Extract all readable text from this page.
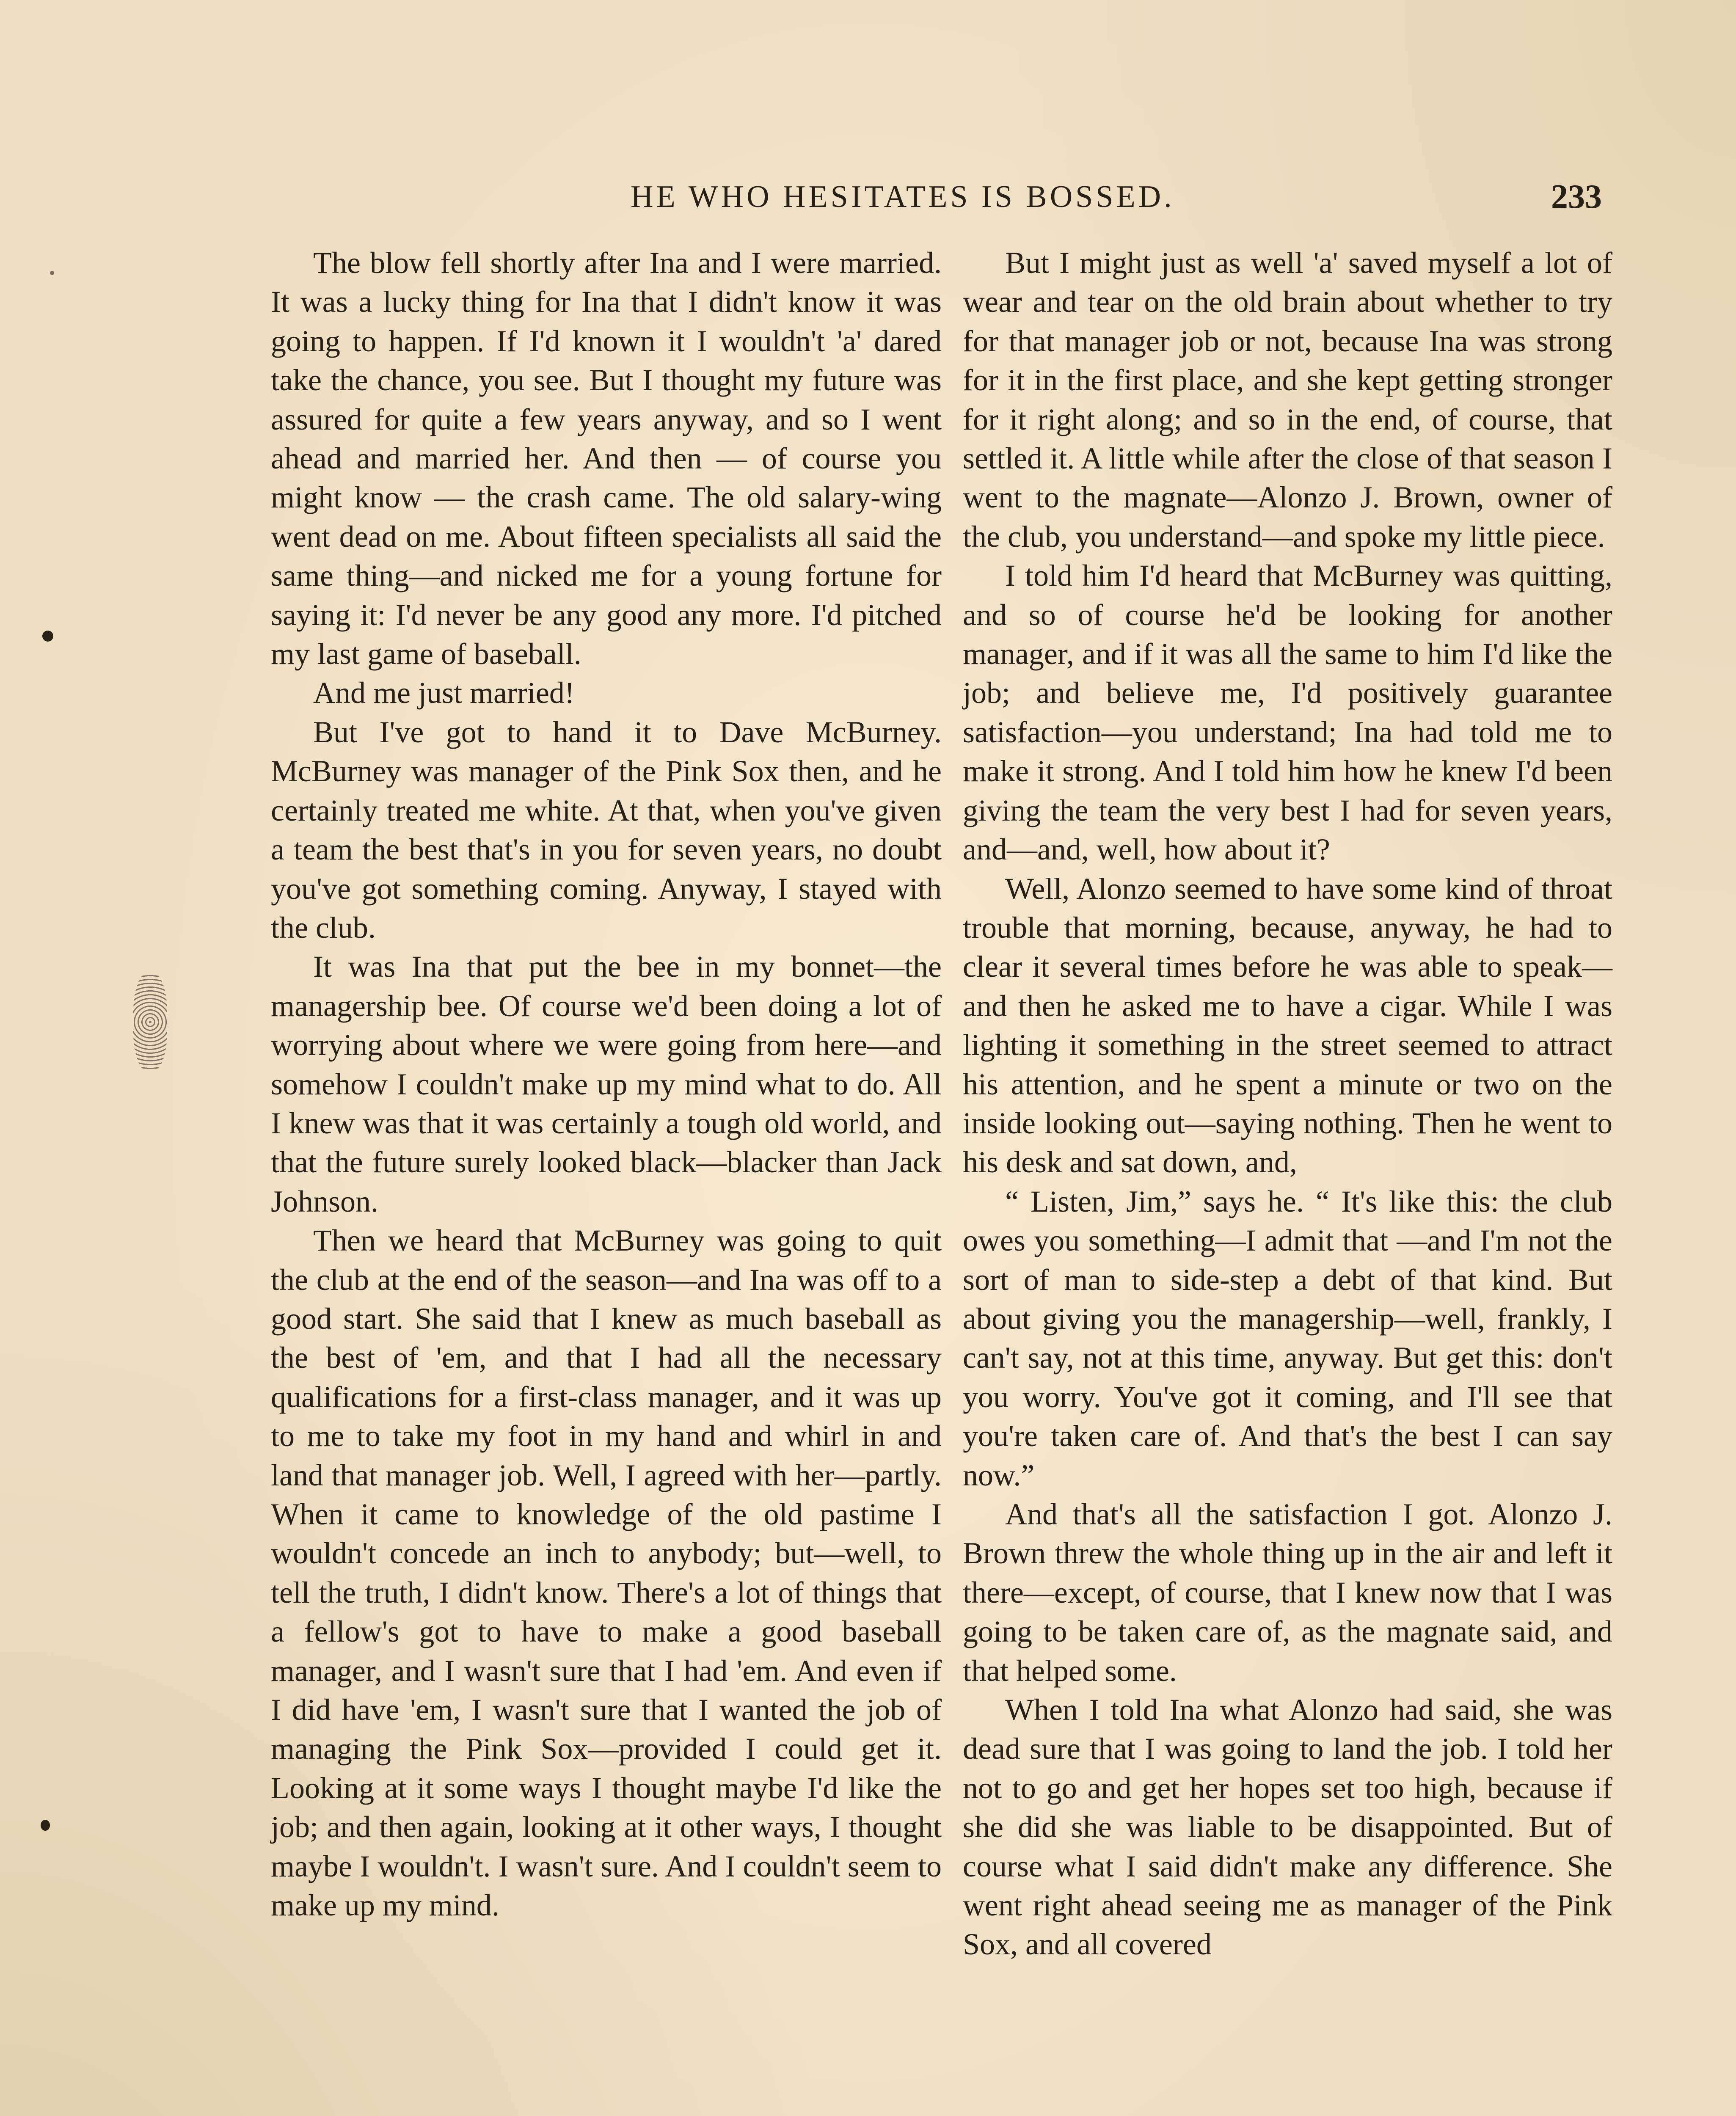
HE WHO HESITATES IS BOSSED.	233

The blow fell shortly after Ina and I were married. It was a lucky thing for Ina that I didn't know it was going to happen. If I'd known it I wouldn't 'a' dared take the chance, you see. But I thought my future was assured for quite a few years anyway, and so I went ahead and married her. And then — of course you might know — the crash came. The old salary-wing went dead on me. About fifteen specialists all said the same thing—and nicked me for a young fortune for saying it: I'd never be any good any more. I'd pitched my last game of baseball.

And me just married!

But I've got to hand it to Dave McBurney. McBurney was manager of the Pink Sox then, and he certainly treated me white. At that, when you've given a team the best that's in you for seven years, no doubt you've got something coming. Anyway, I stayed with the club.

It was Ina that put the bee in my bonnet—the managership bee. Of course we'd been doing a lot of worrying about where we were going from here—and somehow I couldn't make up my mind what to do. All I knew was that it was certainly a tough old world, and that the future surely looked black—blacker than Jack Johnson.

Then we heard that McBurney was going to quit the club at the end of the season—and Ina was off to a good start. She said that I knew as much baseball as the best of 'em, and that I had all the necessary qualifications for a first-class manager, and it was up to me to take my foot in my hand and whirl in and land that manager job. Well, I agreed with her—partly. When it came to knowledge of the old pastime I wouldn't concede an inch to anybody; but—well, to tell the truth, I didn't know. There's a lot of things that a fellow's got to have to make a good baseball manager, and I wasn't sure that I had 'em. And even if I did have 'em, I wasn't sure that I wanted the job of managing the Pink Sox—provided I could get it. Looking at it some ways I thought maybe I'd like the job; and then again, looking at it other ways, I thought maybe I wouldn't. I wasn't sure. And I couldn't seem to make up my mind.

But I might just as well 'a' saved myself a lot of wear and tear on the old brain about whether to try for that manager job or not, because Ina was strong for it in the first place, and she kept getting stronger for it right along; and so in the end, of course, that settled it. A little while after the close of that season I went to the magnate—Alonzo J. Brown, owner of the club, you understand—and spoke my little piece.

I told him I'd heard that McBurney was quitting, and so of course he'd be looking for another manager, and if it was all the same to him I'd like the job; and believe me, I'd positively guarantee satisfaction—you understand; Ina had told me to make it strong. And I told him how he knew I'd been giving the team the very best I had for seven years, and—and, well, how about it?

Well, Alonzo seemed to have some kind of throat trouble that morning, because, anyway, he had to clear it several times before he was able to speak—and then he asked me to have a cigar. While I was lighting it something in the street seemed to attract his attention, and he spent a minute or two on the inside looking out—saying nothing. Then he went to his desk and sat down, and,

“ Listen, Jim,” says he. “ It's like this: the club owes you something—I admit that —and I'm not the sort of man to side-step a debt of that kind. But about giving you the managership—well, frankly, I can't say, not at this time, anyway. But get this: don't you worry. You've got it coming, and I'll see that you're taken care of. And that's the best I can say now.”

And that's all the satisfaction I got. Alonzo J. Brown threw the whole thing up in the air and left it there—except, of course, that I knew now that I was going to be taken care of, as the magnate said, and that helped some.

When I told Ina what Alonzo had said, she was dead sure that I was going to land the job. I told her not to go and get her hopes set too high, because if she did she was liable to be disappointed. But of course what I said didn't make any difference. She went right ahead seeing me as manager of the Pink Sox, and all covered
